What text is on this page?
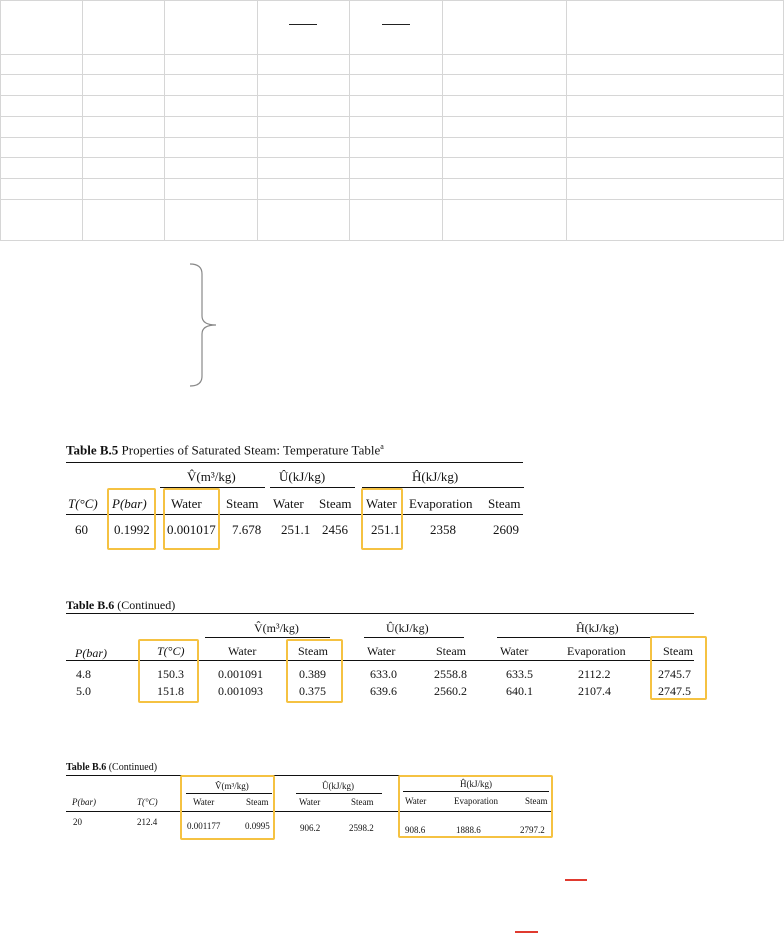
Table B.5 Properties of Saturated Steam: Temperature Table$^a$
V̂(m³/kg)	Û(kJ/kg)	Ĥ(kJ/kg)
T(°C) P(bar) Water Steam Water Steam Water Evaporation Steam
60 0.1992 0.001017 7.678 251.1 2456 251.1 2358	2609
Table B.6 (Continued)
V̂(m³/kg)	Û(kJ/kg)	Ĥ(kJ/kg)
P(bar)	T(°C)	Water	Steam	Water	Steam	Water	Evaporation	Steam
4.8	150.3	0.001091	0.389	633.0	2558.8	633.5	2112.2	2745.7
5.0	151.8	0.001093	0.375	639.6	2560.2	640.1	2107.4	2747.5
Table B.6 (Continued)
V̂(m³/kg)	Û(kJ/kg)	Ĥ(kJ/kg)
P(bar)	T(°C)	Water	Steam	Water	Steam	Water	Evaporation	Steam
20	212.4	0.001177	0.0995	906.2	2598.2	908.6	1888.6	2797.2
